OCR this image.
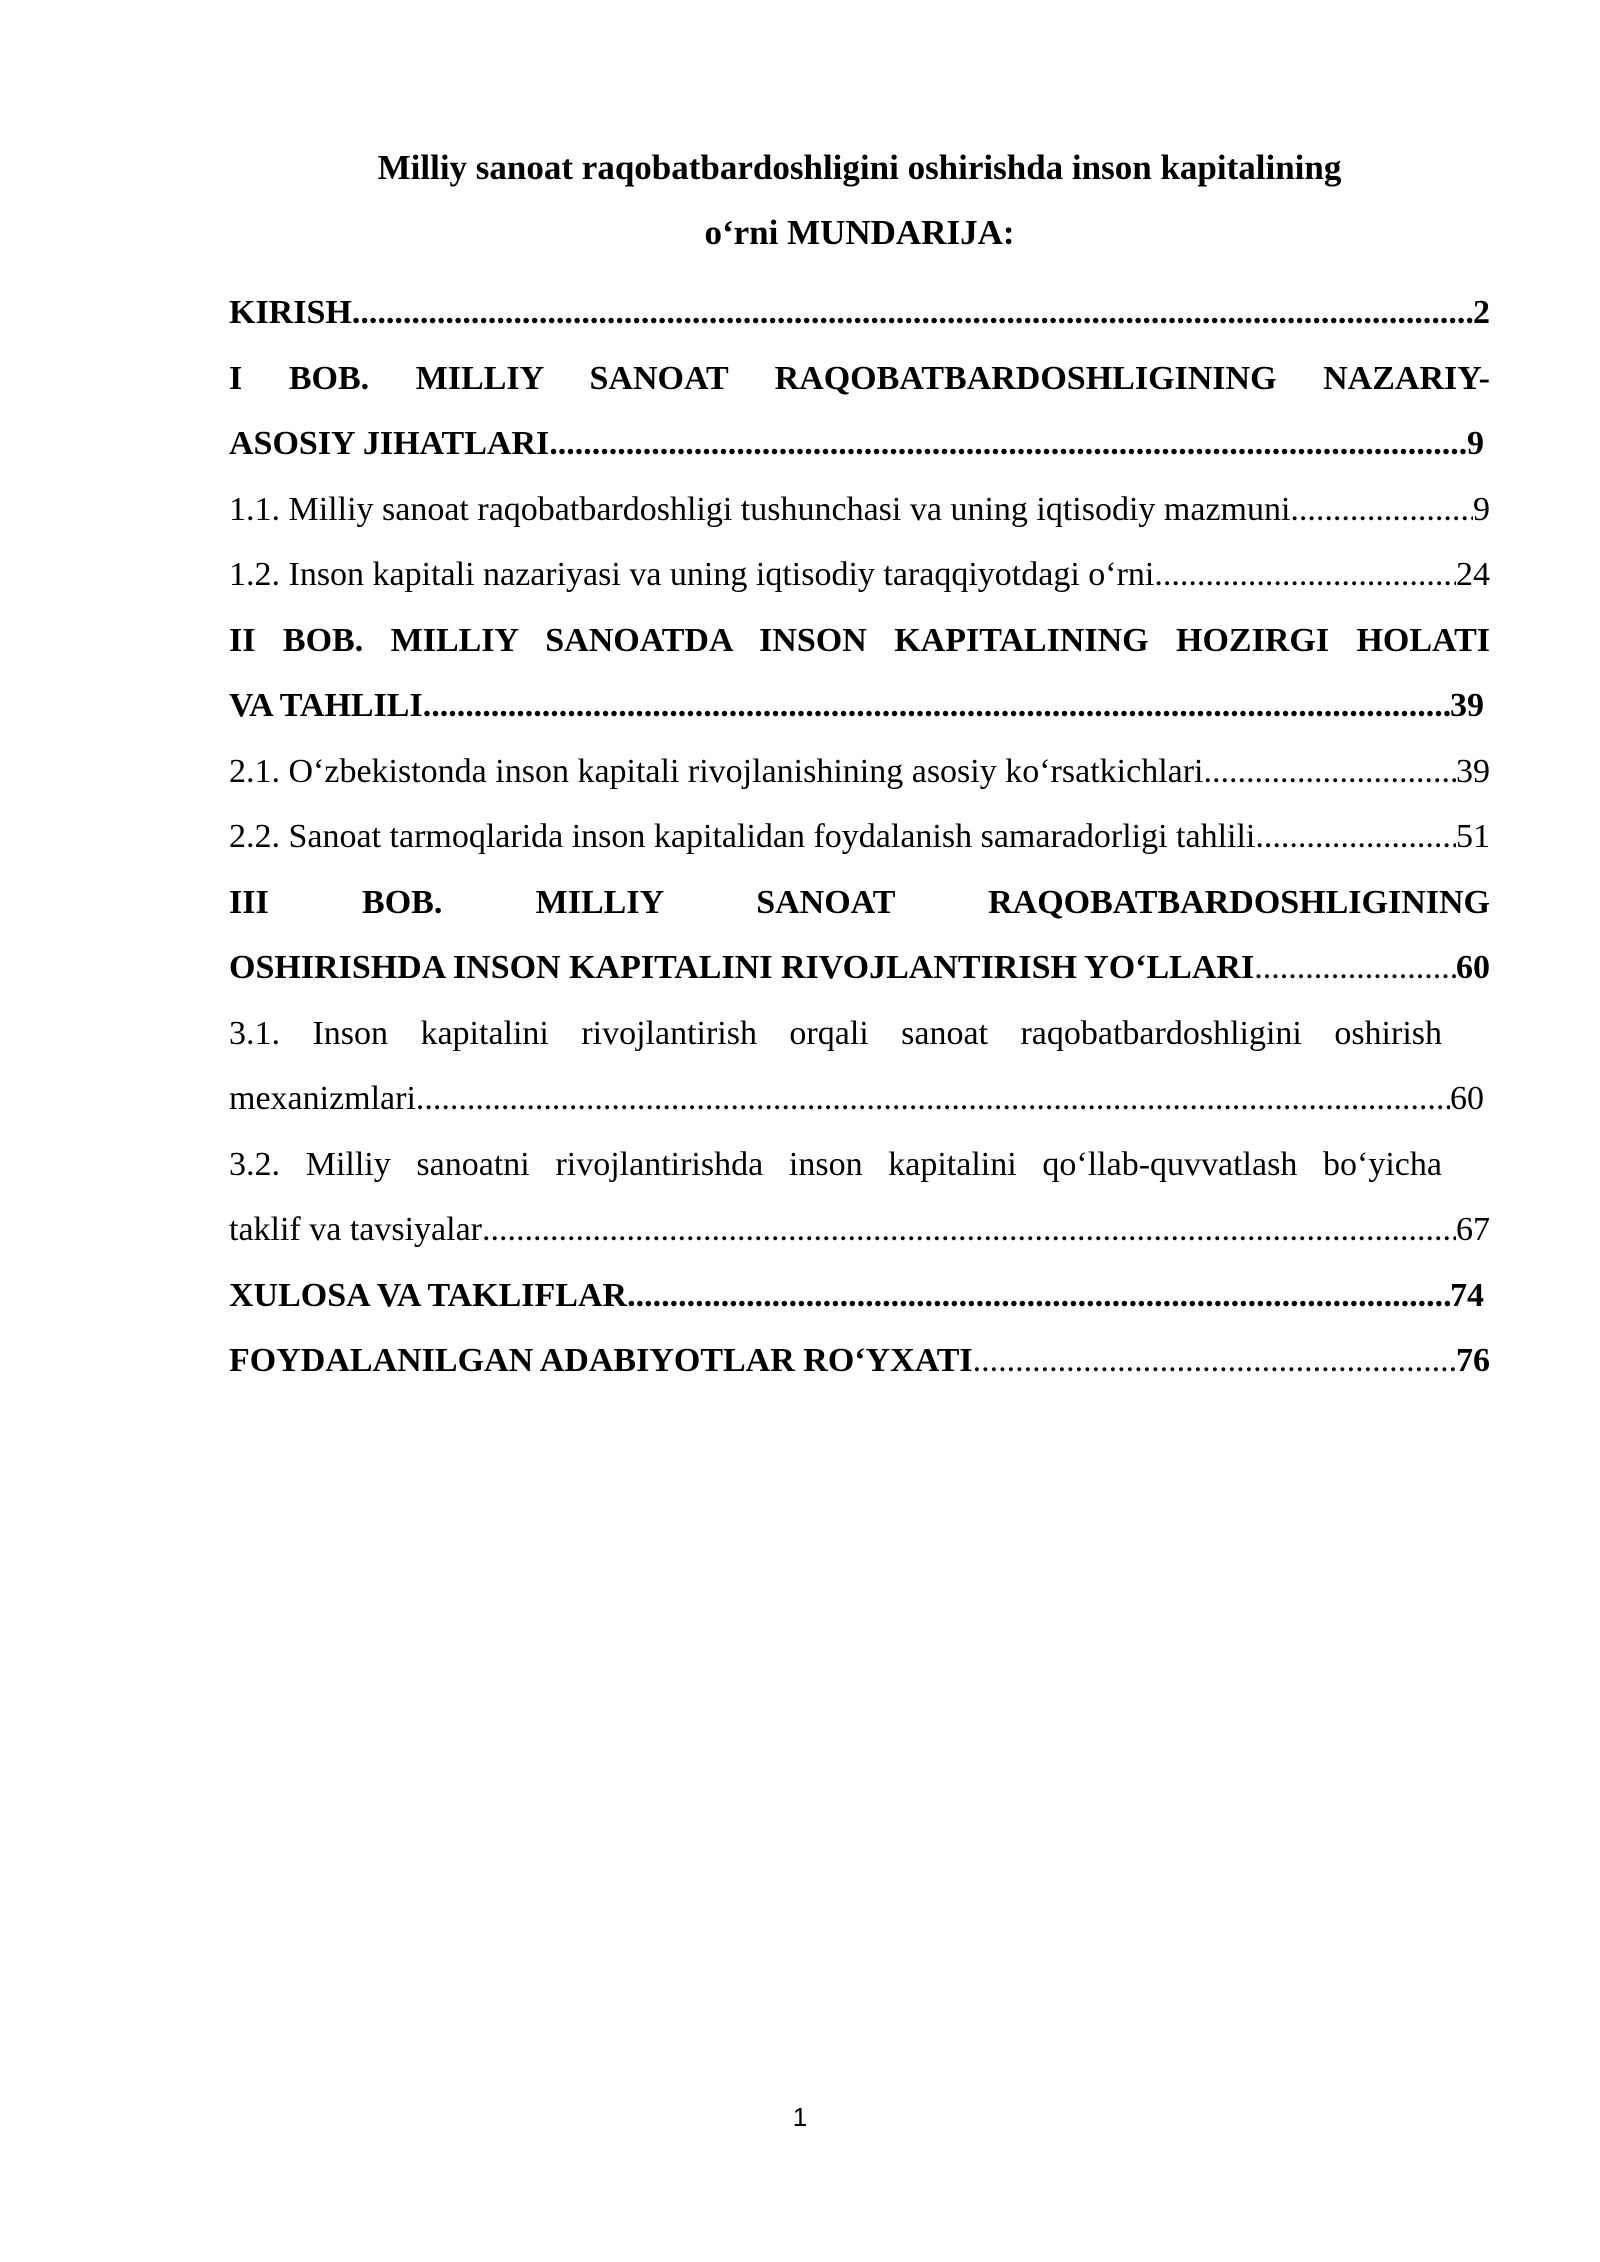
Milliy sanoat raqobatbardoshligini oshirishda inson kapitalining
o‘rni MUNDARIJA:
KIRISH .....	2
I BOB. MILLIY SANOAT RAQOBATBARDOSHLIGINING NAZARIY-
ASOSIY JIHATLARI .....	9
1.1. Milliy sanoat raqobatbardoshligi tushunchasi va uning iqtisodiy mazmuni .....	9
1.2. Inson kapitali nazariyasi va uning iqtisodiy taraqqiyotdagi o‘rni .....	24
II BOB. MILLIY SANOATDA INSON KAPITALINING HOZIRGI HOLATI
VA TAHLILI .....	39
2.1. O‘zbekistonda inson kapitali rivojlanishining asosiy ko‘rsatkichlari .....	39
2.2. Sanoat tarmoqlarida inson kapitalidan foydalanish samaradorligi tahlili .....	51
III BOB. MILLIY SANOAT RAQOBATBARDOSHLIGINING
OSHIRISHDA INSON KAPITALINI RIVOJLANTIRISH YO‘LLARI .....	60
3.1. Inson kapitalini rivojlantirish orqali sanoat raqobatbardoshligini oshirish
mexanizmlari .....	60
3.2. Milliy sanoatni rivojlantirishda inson kapitalini qo‘llab-quvvatlash bo‘yicha
taklif va tavsiyalar .....	67
XULOSA VA TAKLIFLAR .....	74
FOYDALANILGAN ADABIYOTLAR RO‘YXATI .....	76
1
